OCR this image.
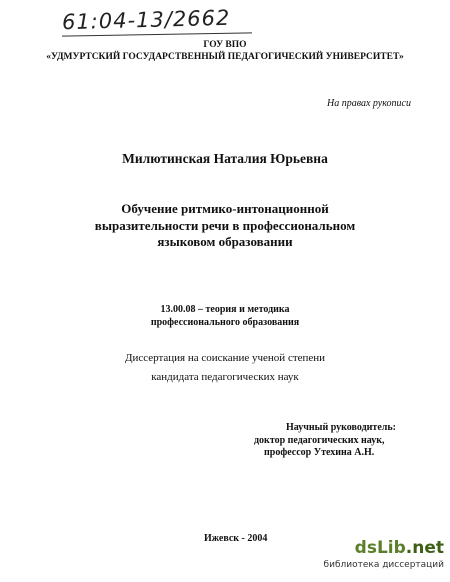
61:04-13/2662
ГОУ ВПО
«УДМУРТСКИЙ ГОСУДАРСТВЕННЫЙ ПЕДАГОГИЧЕСКИЙ УНИВЕРСИТЕТ»
На правах рукописи
Милютинская Наталия Юрьевна
Обучение ритмико-интонационной
выразительности речи в профессиональном
языковом образовании
13.00.08 – теория и методика
профессионального образования
Диссертация на соискание ученой степени
кандидата педагогических наук
Научный руководитель:
доктор педагогических наук,
профессор Утехина А.Н.
Ижевск - 2004	dsLib.net
библиотека диссертаций
